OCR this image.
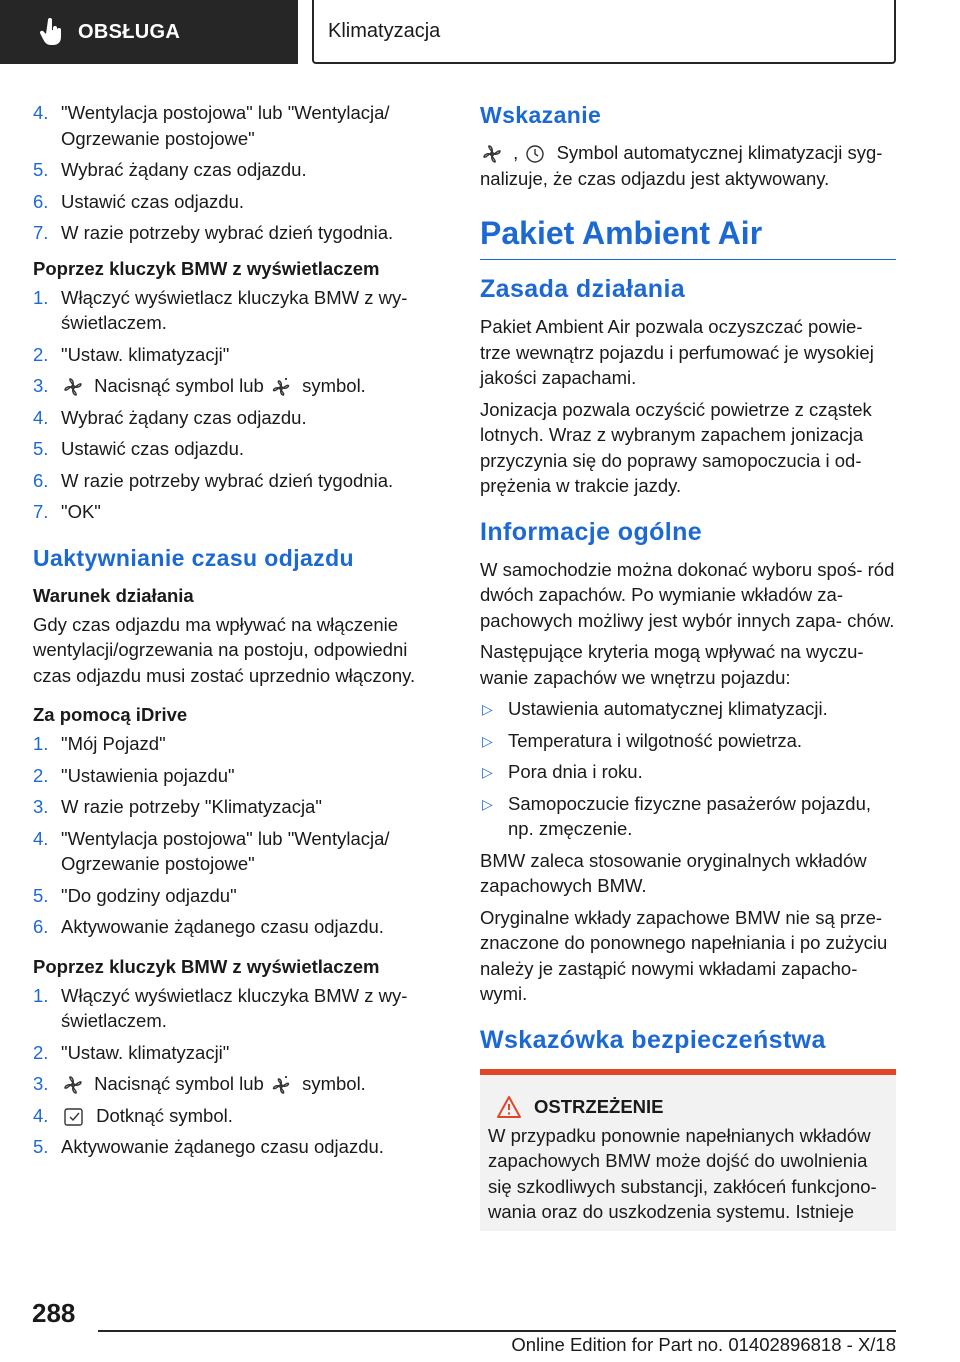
OBSŁUGA	Klimatyzacja
4. "Wentylacja postojowa" lub "Wentylacja/ Ogrzewanie postojowe"
5. Wybrać żądany czas odjazdu.
6. Ustawić czas odjazdu.
7. W razie potrzeby wybrać dzień tygodnia.
Poprzez kluczyk BMW z wyświetlaczem
1. Włączyć wyświetlacz kluczyka BMW z wy- świetlaczem.
2. "Ustaw. klimatyzacji"
3. Nacisnąć symbol lub symbol.
4. Wybrać żądany czas odjazdu.
5. Ustawić czas odjazdu.
6. W razie potrzeby wybrać dzień tygodnia.
7. "OK"
Uaktywnianie czasu odjazdu
Warunek działania
Gdy czas odjazdu ma wpływać na włączenie wentylacji/ogrzewania na postoju, odpowiedni czas odjazdu musi zostać uprzednio włączony.
Za pomocą iDrive
1. "Mój Pojazd"
2. "Ustawienia pojazdu"
3. W razie potrzeby "Klimatyzacja"
4. "Wentylacja postojowa" lub "Wentylacja/ Ogrzewanie postojowe"
5. "Do godziny odjazdu"
6. Aktywowanie żądanego czasu odjazdu.
Poprzez kluczyk BMW z wyświetlaczem
1. Włączyć wyświetlacz kluczyka BMW z wy- świetlaczem.
2. "Ustaw. klimatyzacji"
3. Nacisnąć symbol lub symbol.
4.	Dotknąć symbol.
5. Aktywowanie żądanego czasu odjazdu.
Wskazanie
, Symbol automatycznej klimatyzacji syg- nalizuje, że czas odjazdu jest aktywowany.
Pakiet Ambient Air
Zasada działania
Pakiet Ambient Air pozwala oczyszczać powie- trze wewnątrz pojazdu i perfumować je wysokiej jakości zapachami.
Jonizacja pozwala oczyścić powietrze z cząstek lotnych. Wraz z wybranym zapachem jonizacja przyczynia się do poprawy samopoczucia i od- prężenia w trakcie jazdy.
Informacje ogólne
W samochodzie można dokonać wyboru spoś- ród dwóch zapachów. Po wymianie wkładów za- pachowych możliwy jest wybór innych zapa- chów.
Następujące kryteria mogą wpływać na wyczu- wanie zapachów we wnętrzu pojazdu:
▷ Ustawienia automatycznej klimatyzacji.
▷ Temperatura i wilgotność powietrza.
▷ Pora dnia i roku.
▷ Samopoczucie fizyczne pasażerów pojazdu, np. zmęczenie.
BMW zaleca stosowanie oryginalnych wkładów zapachowych BMW.
Oryginalne wkłady zapachowe BMW nie są prze- znaczone do ponownego napełniania i po zużyciu należy je zastąpić nowymi wkładami zapacho- wymi.
Wskazówka bezpieczeństwa
OSTRZEŻENIE
W przypadku ponownie napełnianych wkładów zapachowych BMW może dojść do uwolnienia się szkodliwych substancji, zakłóceń funkcjono- wania oraz do uszkodzenia systemu. Istnieje
288
Online Edition for Part no. 01402896818 - X/18
